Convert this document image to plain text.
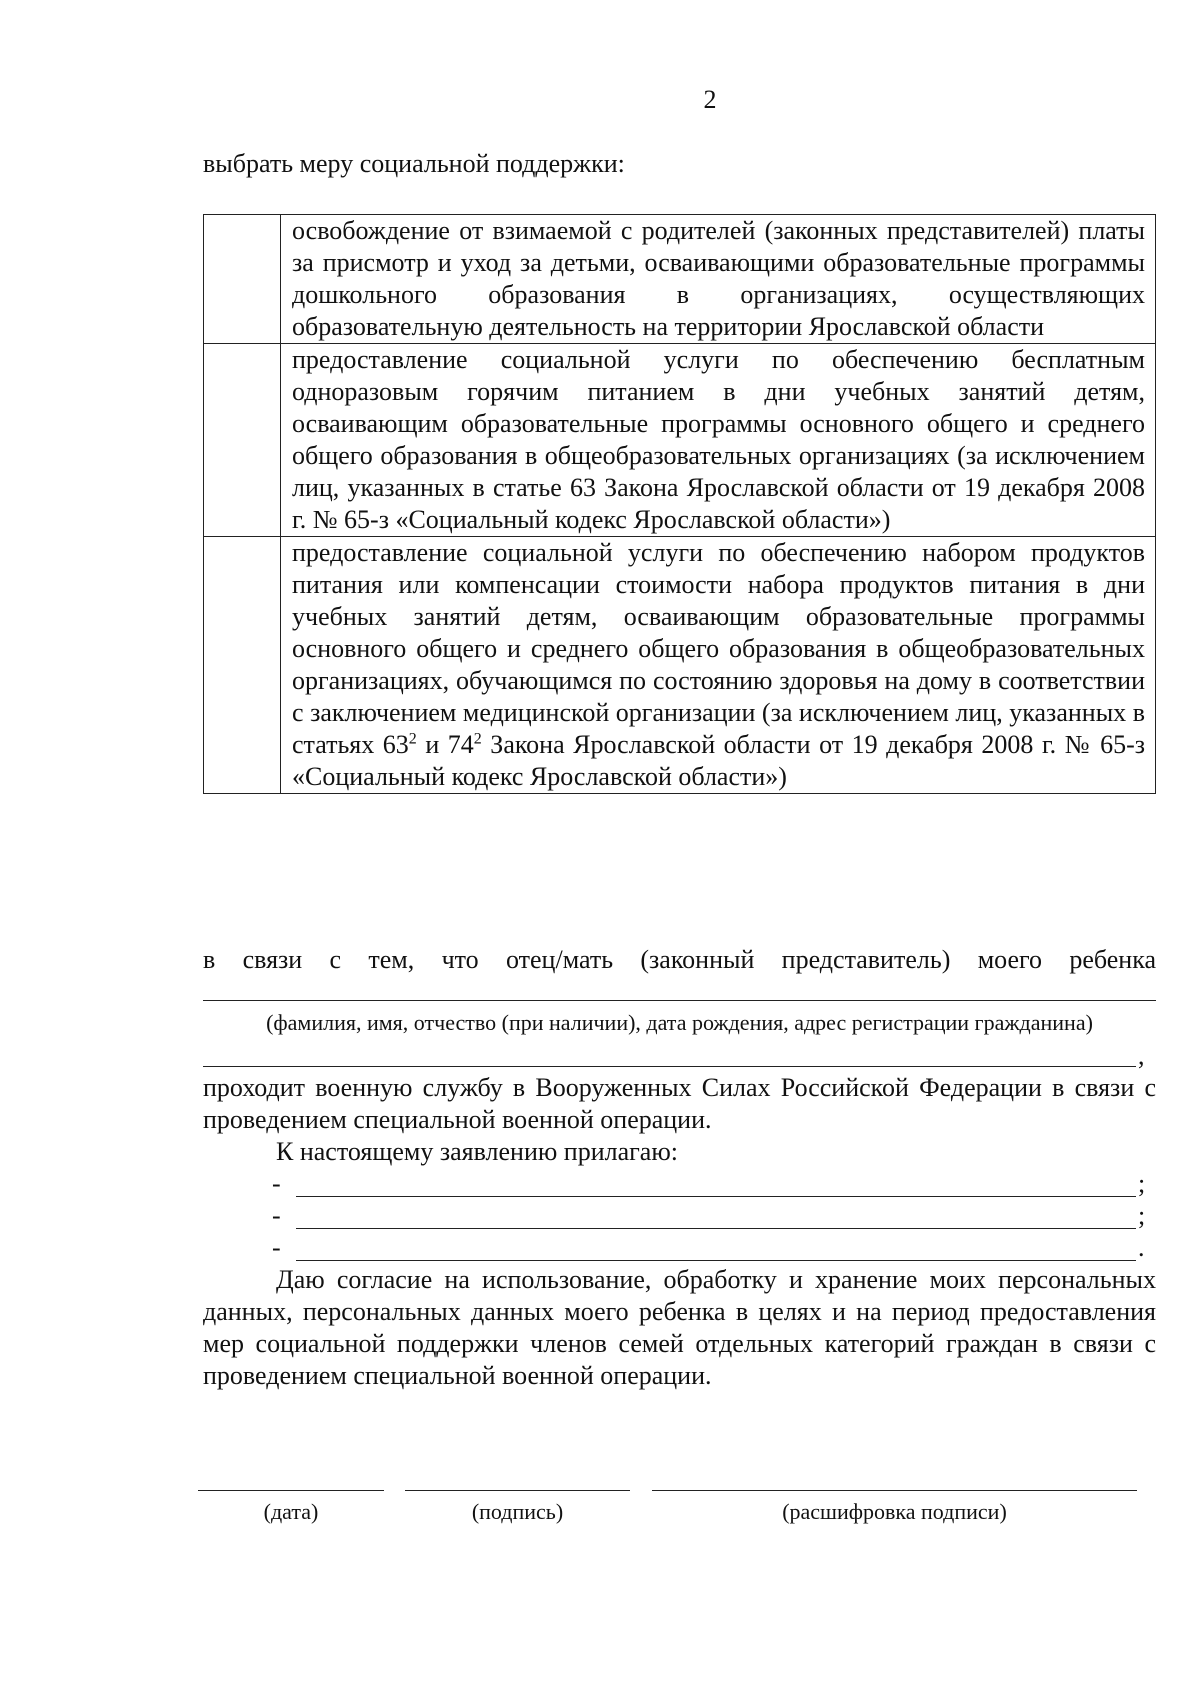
2
выбрать меру социальной поддержки:
	освобождение от взимаемой с родителей (законных представителей) платы за присмотр и уход за детьми, осваивающими образовательные программы дошкольного образования в организациях, осуществляющих образовательную деятельность на территории Ярославской области
	предоставление социальной услуги по обеспечению бесплатным одноразовым горячим питанием в дни учебных занятий детям, осваивающим образовательные программы основного общего и среднего общего образования в общеобразовательных организациях (за исключением лиц, указанных в статье 63 Закона Ярославской области от 19 декабря 2008 г. № 65-з «Социальный кодекс Ярославской области»)
	предоставление социальной услуги по обеспечению набором продуктов питания или компенсации стоимости набора продуктов питания в дни учебных занятий детям, осваивающим образовательные программы основного общего и среднего общего образования в общеобразовательных организациях, обучающимся по состоянию здоровья на дому в соответствии с заключением медицинской организации (за исключением лиц, указанных в статьях $63^2$ и $74^2$ Закона Ярославской области от 19 декабря 2008 г. № 65-з «Социальный кодекс Ярославской области»)
в связи с тем, что отец/мать (законный представитель) моего ребенка
(фамилия, имя, отчество (при наличии), дата рождения, адрес регистрации гражданина)
,
проходит военную службу в Вооруженных Силах Российской Федерации в связи с проведением специальной военной операции.
К настоящему заявлению прилагаю:
-	;
-	;
-	.
Даю согласие на использование, обработку и хранение моих персональных данных, персональных данных моего ребенка в целях и на период предоставления мер социальной поддержки членов семей отдельных категорий граждан в связи с проведением специальной военной операции.
(дата)	(подпись)	(расшифровка подписи)
